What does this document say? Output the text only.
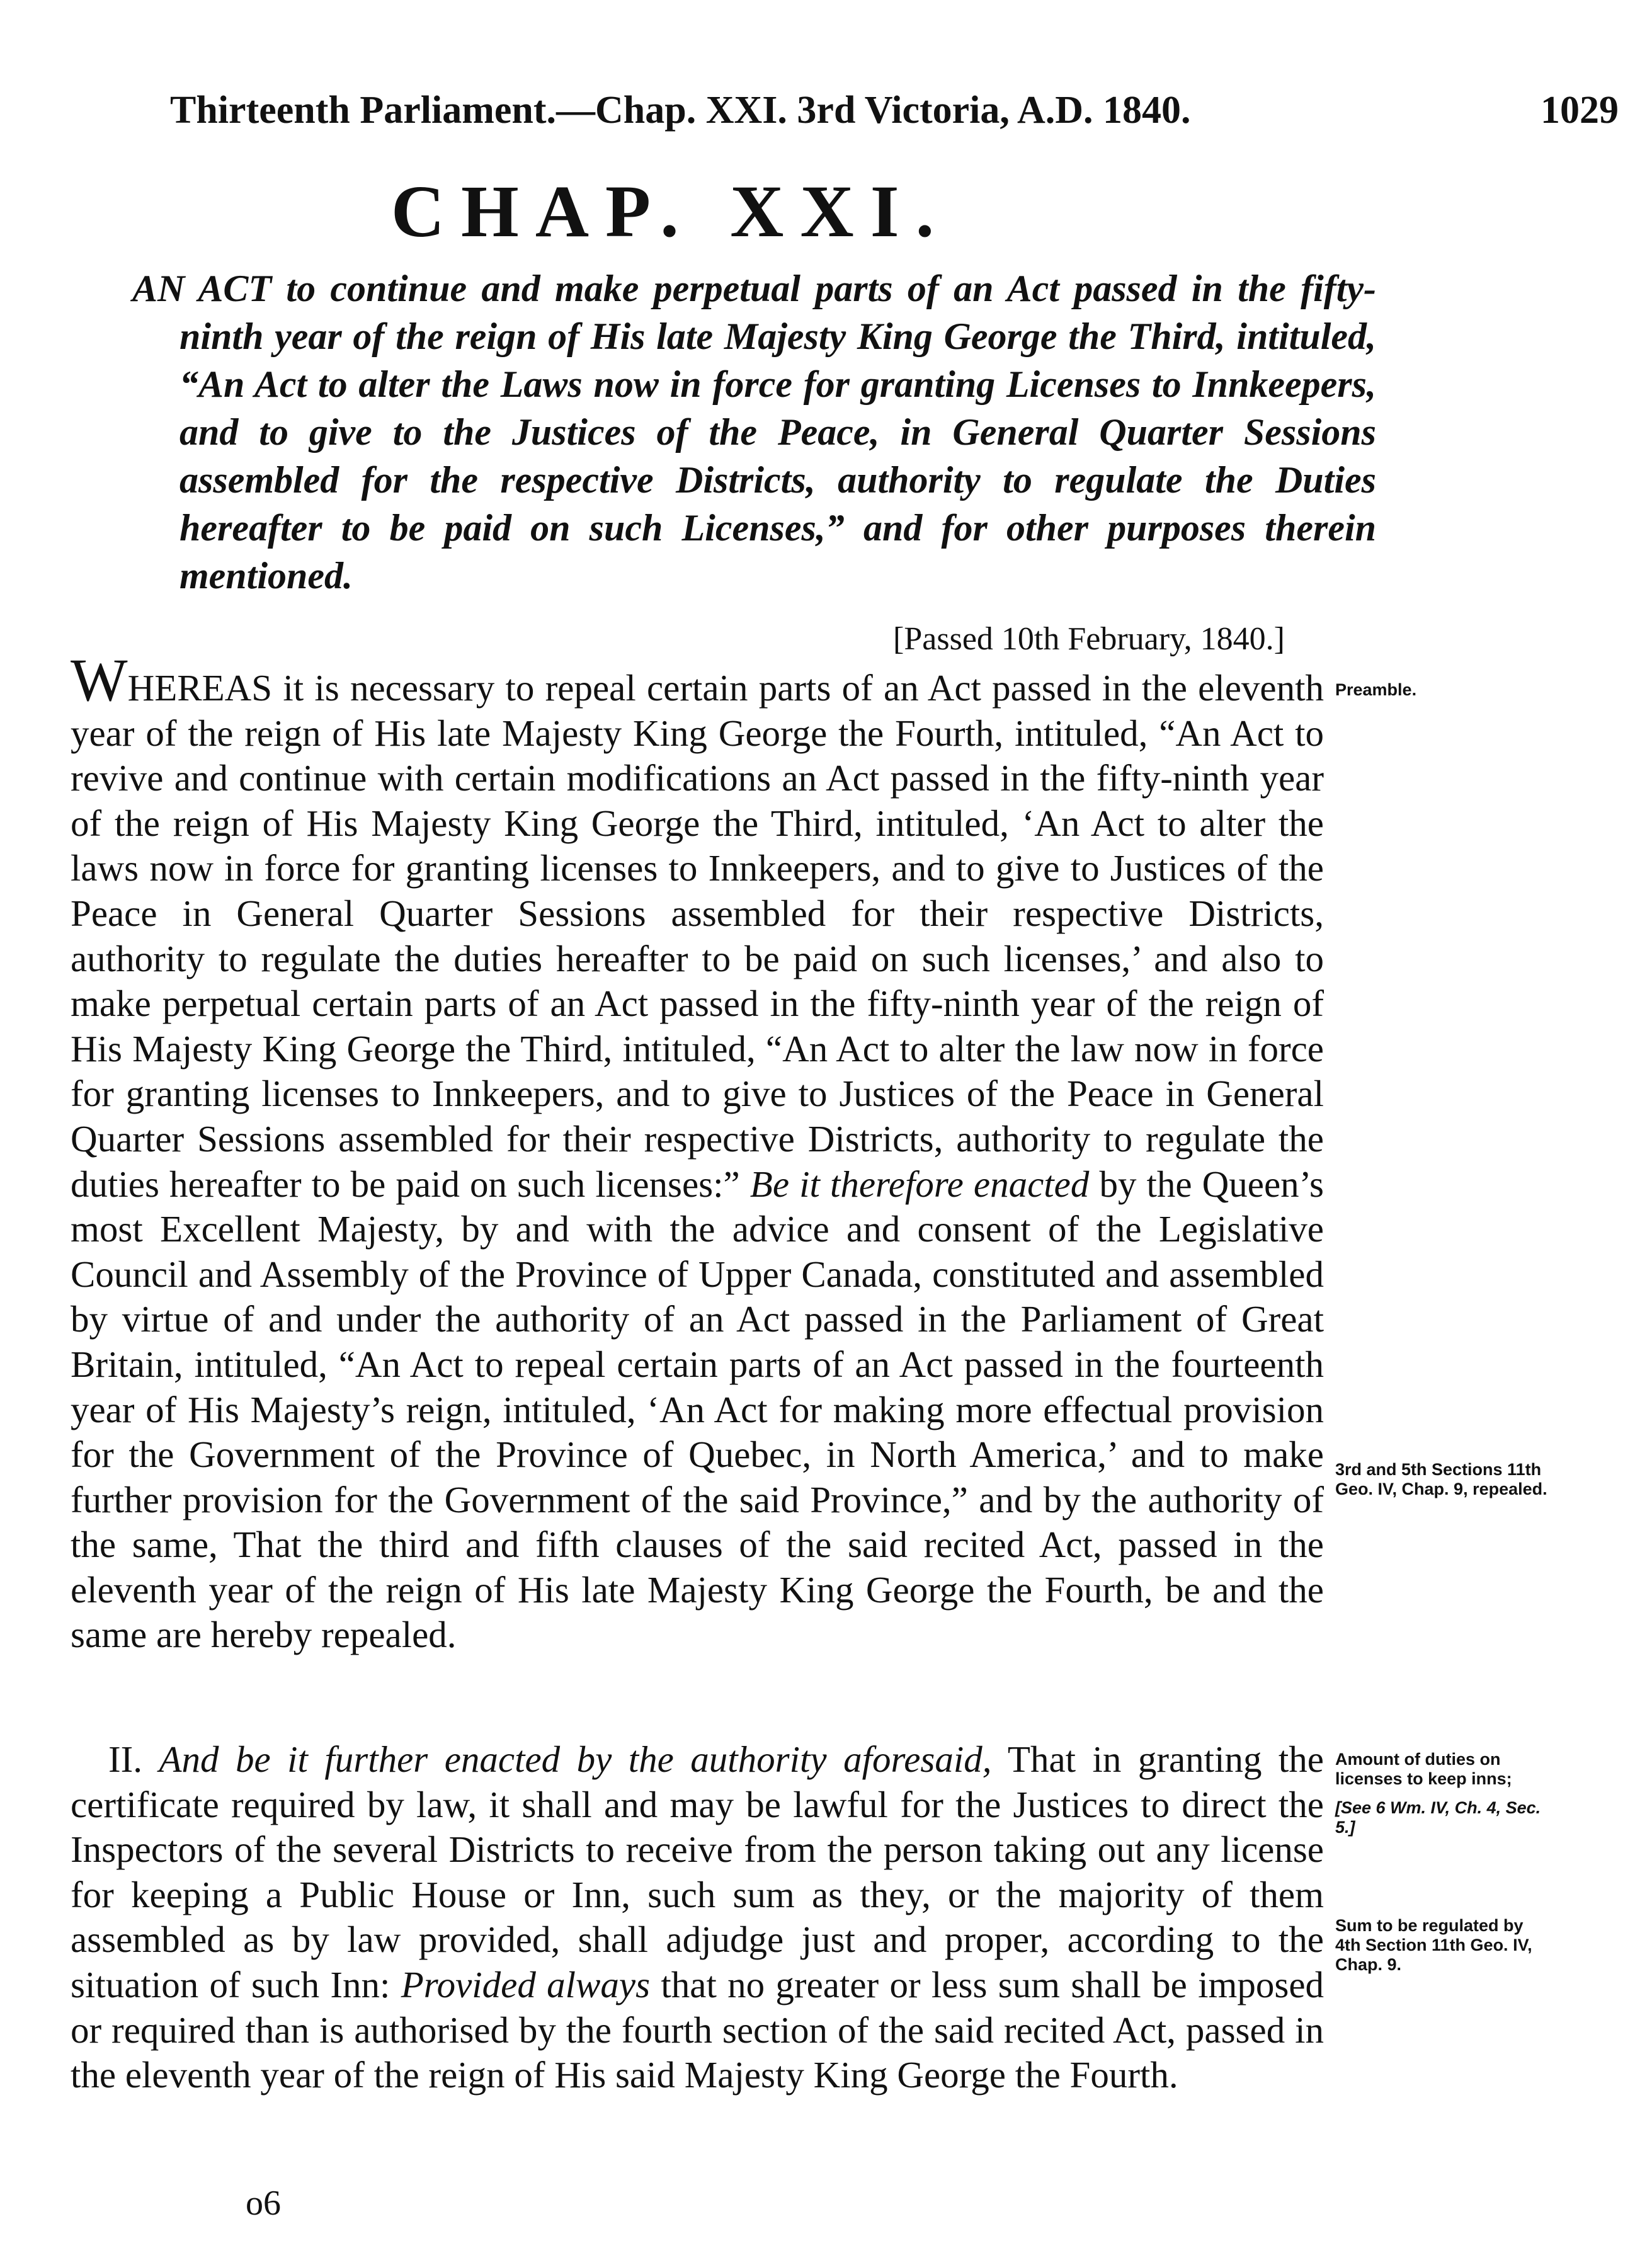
Thirteenth Parliament.—Chap. XXI. 3rd Victoria, A.D. 1840.	1029
CHAP. XXI.
AN ACT to continue and make perpetual parts of an Act passed in the fifty-ninth year of the reign of His late Majesty King George the Third, intituled, “An Act to alter the Laws now in force for granting Licenses to Innkeepers, and to give to the Justices of the Peace, in General Quarter Sessions assembled for the respective Districts, authority to regulate the Duties hereafter to be paid on such Licenses,” and for other purposes therein mentioned.
[Passed 10th February, 1840.]
WHEREAS it is necessary to repeal certain parts of an Act passed in the eleventh year of the reign of His late Majesty King George the Fourth, intituled, “An Act to revive and continue with certain modifications an Act passed in the fifty-ninth year of the reign of His Majesty King George the Third, intituled, ‘An Act to alter the laws now in force for granting licenses to Innkeepers, and to give to Justices of the Peace in General Quarter Sessions assembled for their respective Districts, authority to regulate the duties hereafter to be paid on such licenses,’ and also to make perpetual certain parts of an Act passed in the fifty-ninth year of the reign of His Majesty King George the Third, intituled, “An Act to alter the law now in force for granting licenses to Innkeepers, and to give to Justices of the Peace in General Quarter Sessions assembled for their respective Districts, authority to regulate the duties hereafter to be paid on such licenses:” Be it therefore enacted by the Queen’s most Excellent Majesty, by and with the advice and consent of the Legislative Council and Assembly of the Province of Upper Canada, constituted and assembled by virtue of and under the authority of an Act passed in the Parliament of Great Britain, intituled, “An Act to repeal certain parts of an Act passed in the fourteenth year of His Majesty’s reign, intituled, ‘An Act for making more effectual provision for the Government of the Province of Quebec, in North America,’ and to make further provision for the Government of the said Province,” and by the authority of the same, That the third and fifth clauses of the said recited Act, passed in the eleventh year of the reign of His late Majesty King George the Fourth, be and the same are hereby repealed.
II. And be it further enacted by the authority aforesaid, That in granting the certificate required by law, it shall and may be lawful for the Justices to direct the Inspectors of the several Districts to receive from the person taking out any license for keeping a Public House or Inn, such sum as they, or the majority of them assembled as by law provided, shall adjudge just and proper, according to the situation of such Inn: Provided always that no greater or less sum shall be imposed or required than is authorised by the fourth section of the said recited Act, passed in the eleventh year of the reign of His said Majesty King George the Fourth.
o6
Preamble.
3rd and 5th Sections 11th Geo. IV, Chap. 9, repealed.
Amount of duties on licenses to keep inns;
[See 6 Wm. IV, Ch. 4, Sec. 5.]
Sum to be regulated by 4th Section 11th Geo. IV, Chap. 9.
